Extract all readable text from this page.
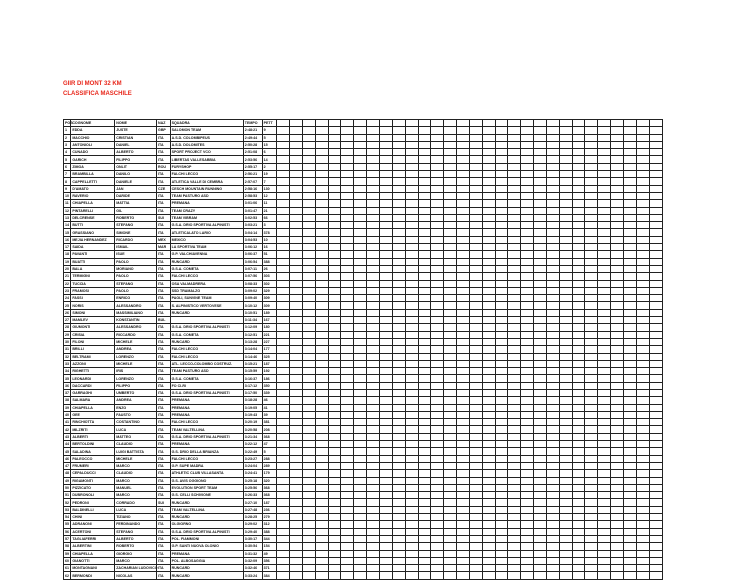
GIIR DI MONT 32 KM
CLASSIFICA MASCHILE
POS	COGNOME	NOME	NAZ	SQUADRA	TEMPO	PETT																														
1	EDDA	JUSTE	GBP	SALOMON TEAM	2:48:21	9																														
2	MACCHIO	CRISTIAN	ITA	A.S.D. COLOMBIPEUS	2:49:44	5																														
3	ANTONIOLI	DANIEL	ITA	A.S.D. DOLOMITES	2:50:28	15																														
4	CUNADO	ALBERTO	ITA	SPORT PROJECT VCO	2:51:08	6																														
5	GARICH	FILIPPO	ITA	LIBERTAS VALLESABBIA	2:53:56	14																														
6	ZIMOA	ONLIT	ROU	FURYSHOP	2:55:17	2																														
7	BRAMBILLA	DANILO	ITA	FALCHI LECCO	2:56:21	19																														
8	CAPPELLETTI	DANIELE	ITA	ATLETICA VALLE DI CEMBRA	2:57:07	7																														
9	D'AMATO	JAN	CZE	CESCH MOUNTAIN RUNNING	2:58:16	130																														
10	RAVERIO	DARIDE	ITA	TEAM PASTURO ASD	2:58:53	12																														
11	CHIAPELLA	MATTIA	ITA	PREMANA	3:01:06	11																														
12	PINTARELLI	GIL	ITA	TEAM CRAZY	3:01:47	21																														
13	DELCRENSE	ROBERTO	SUI	TEAM VIBRAM	3:02:53	66																														
14	BUTTI	STEFANO	ITA	G.S.A. DRIO SPORTIVA ALPINISTI	3:03:21	3																														
15	GRASSIANO	SIMONE	ITA	ATLETICALATO LARIO	3:04:14	378																														
16	MEJIA HERNANDEZ	RICARDO	MEX	MEXICO	3:04:53	10																														
17	SAIDA	ISMAIL	MAR	LA SPORTIVA TEAM	3:06:12	16																														
18	PAVANTI	ISUE	ITA	G.P. VALCHIAVENNA	3:06:37	51																														
19	BUATTI	PAOLO	ITA	RUNCARD	3:06:54	388																														
20	BALA	MORIANO	ITA	G.S.A. COMETA	3:07:11	26																														
21	TERMIGNI	PAOLO	ITA	FALCHI LECCO	3:07:56	303																														
22	TUCCIA	STEFANO	ITA	OSA VALMADRERA	3:08:33	302																														
23	FRAMOSI	PAOLO	ITA	SSD TRAMALZO	3:09:02	329																														
24	FASSI	ENRICO	ITA	PAOLI, SUNVINE TEAM	3:09:40	309																														
25	NORIS	ALESSANDRO	ITA	S. ALPINISTICO VERTOVESE	3:10:12	309																														
26	SIMONI	MASSIMILIANO	ITA	RUNCARD	3:10:51	189																														
27	MAMLEV	KONSTANTIN	BUL		3:11:34	167																														
28	GIUMONTI	ALESSANDRO	ITA	G.S.A. DRIO SPORTIVA ALPINISTI	3:12:09	180																														
29	CRISIA	RICCARDO	ITA	G.S.A. COMETA	3:12:51	221																														
30	FILONI	MICHELE	ITA	RUNCARD	3:13:28	227																														
31	BRILLI	ANDREA	ITA	FALCHI LECCO	3:14:04	177																														
32	BELTRAMI	LORENZO	ITA	FALCHI LECCO	3:14:46	325																														
33	AZZONI	MICHELE	ITA	ATL. LECCO-COLOMBO COSTRUZ.	3:15:21	187																														
34	RIGHETTI	IRIS	ITA	TEAM PASTURO ASD	3:15:59	192																														
35	LEONARDI	LORENZO	ITA	G.S.A. COMETA	3:16:37	186																														
36	DACCARDI	FILIPPO	ITA	FO CI-RI	3:17:12	350																														
37	GARRAGHI	UMBERTO	ITA	G.S.A. DRIO SPORTIVA ALPINISTI	3:17:50	339																														
38	SALMARA	ANDREA	ITA	PREMANA	3:18:28	46																														
39	CHIAPELLA	ENZO	ITA	PREMANA	3:19:05	41																														
40	GEE	FAUSTO	ITA	PREMANA	3:19:43	39																														
41	RINCHIOTTA	COSTANTINO	ITA	FALCHI LECCO	3:20:19	381																														
42	MILZRITI	LUCA	ITA	TEAM VALTELLINA	3:20:58	208																														
43	ALBERTI	MATTEO	ITA	G.S.A. DRIO SPORTIVA ALPINISTI	3:21:34	368																														
44	BERTOLDINI	CLAUDIO	ITA	PREMANA	3:22:12	47																														
45	SALADINA	LUIGI BATTISTA	ITA	G.S. DRIO DELLA BRIANZA	3:22:49	5																														
46	PALEOCCO	MICHELE	ITA	FALCHI LECCO	3:23:27	288																														
47	FRUMERI	MARCO	ITA	G.P. SUPE MADRA	3:24:04	289																														
48	CEPALDUCCI	CLAUDIO	ITA	ATHLETIC CLUB VILLASANTA	3:24:41	179																														
49	RIGAMONTI	MARCO	ITA	G.S. AVIS OGGIONO	3:25:18	320																														
50	PIZZICATO	MANUEL	ITA	EVOLUTION SPORT TEAM	3:25:56	368																														
51	DUBRONOLI	MARCO	ITA	G.S. CELLI SCHIVIONE	3:26:33	368																														
52	PEDRONI	CORRADO	SUI	RUNCARD	3:27:10	187																														
53	BALDINELLI	LUCA	ITA	TEAM VALTELLINA	3:27:48	236																														
54	CHINI	TIZIANO	ITA	RUNCARD	3:28:25	279																														
55	ADRANONI	FERDINANDO	ITA	OLGIORNO	3:29:02	312																														
56	ACERTONI	STEFANO	ITA	G.S.A. DRIO SPORTIVA ALPINISTI	3:29:40	388																														
57	TAGLIAFERRI	ALBERTO	ITA	POL. FIAMMONI	3:30:17	344																														
58	ALBERTINI	ROBERTO	ITA	G.P. SANTI NUOVA OLONIO	3:30:54	154																														
59	CHIAPELLA	GIORGIO	ITA	PREMANA	3:31:32	49																														
60	GIANOTTI	MARCO	ITA	POL. ALBOSAGGIA	3:32:09	356																														
61	MONTAGNANI	ZACHARIAN LUDOVICO	ITA	RUNCARD	3:32:46	371																														
62	BERMONDI	NICOLAS	ITA	RUNCARD	3:33:24	384																														
